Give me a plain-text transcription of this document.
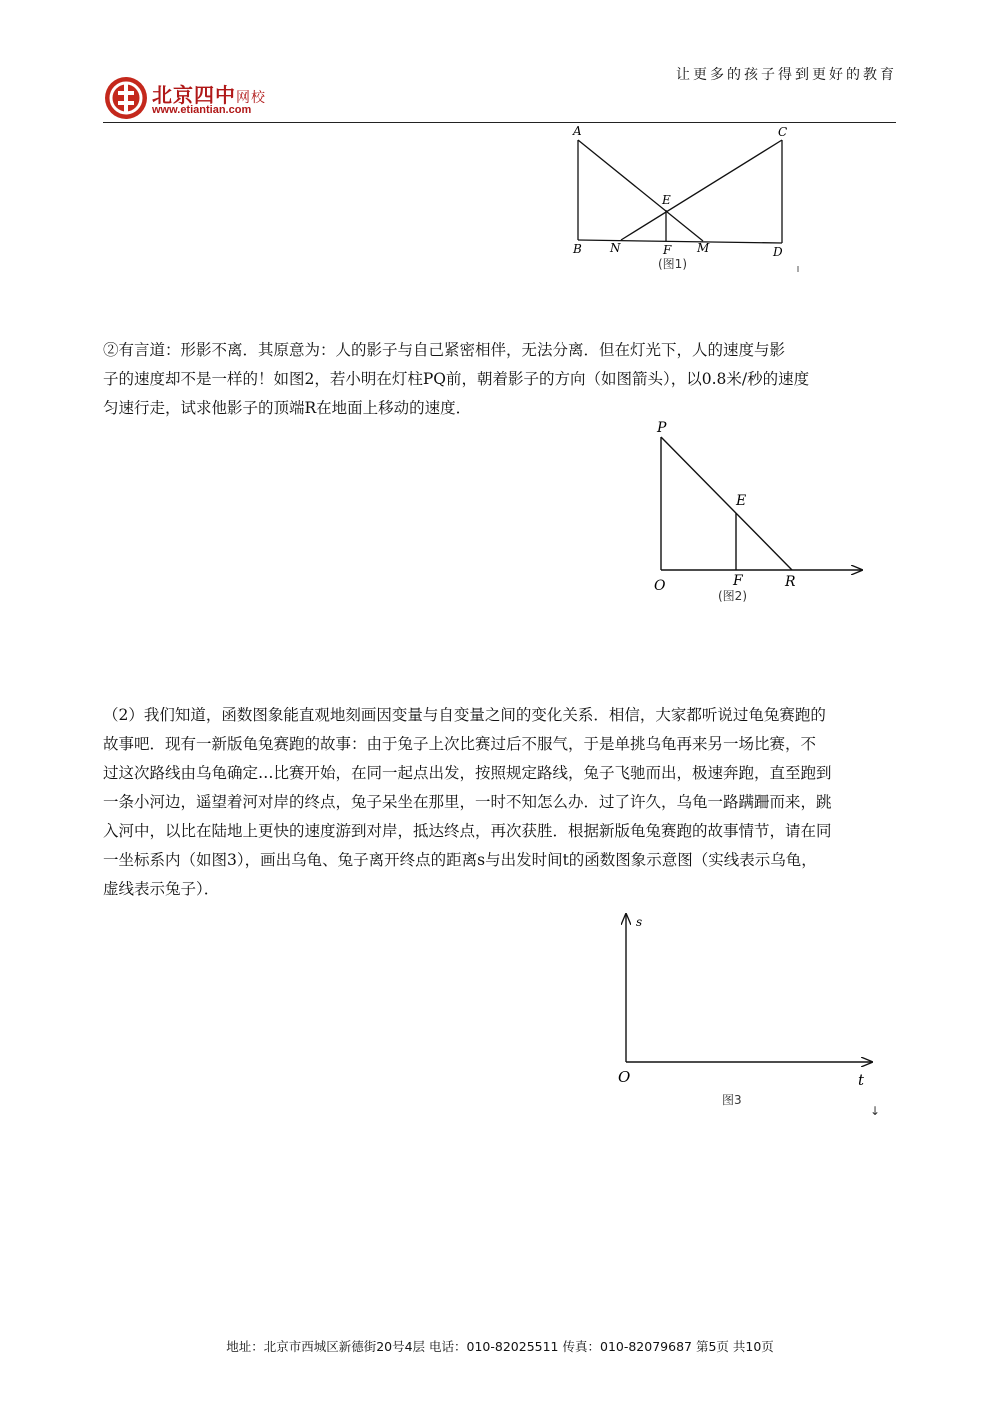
北京四中网校
www.etiantian.com
让更多的孩子得到更好的教育
A	C
E
B N	F M	D
(图1)

②有言道：形影不离．其原意为：人的影子与自己紧密相伴，无法分离．但在灯光下，人的速度与影

子的速度却不是一样的！如图2，若小明在灯柱PQ前，朝着影子的方向（如图箭头），以0.8米/秒的速度

匀速行走，试求他影子的顶端R在地面上移动的速度．

P
E
O	F	R
(图2)

（2）我们知道，函数图象能直观地刻画因变量与自变量之间的变化关系．相信，大家都听说过龟兔赛跑的

故事吧．现有一新版龟兔赛跑的故事：由于兔子上次比赛过后不服气，于是单挑乌龟再来另一场比赛，不

过这次路线由乌龟确定…比赛开始，在同一起点出发，按照规定路线，兔子飞驰而出，极速奔跑，直至跑到

一条小河边，遥望着河对岸的终点，兔子呆坐在那里，一时不知怎么办．过了许久，乌龟一路蹒跚而来，跳

入河中，以比在陆地上更快的速度游到对岸，抵达终点，再次获胜．根据新版龟兔赛跑的故事情节，请在同

一坐标系内（如图3），画出乌龟、兔子离开终点的距离s与出发时间t的函数图象示意图（实线表示乌龟，

虚线表示兔子）．

s
O	t
图3
↓
地址：北京市西城区新德街20号4层 电话：010-82025511 传真：010-82079687 第5页 共10页
